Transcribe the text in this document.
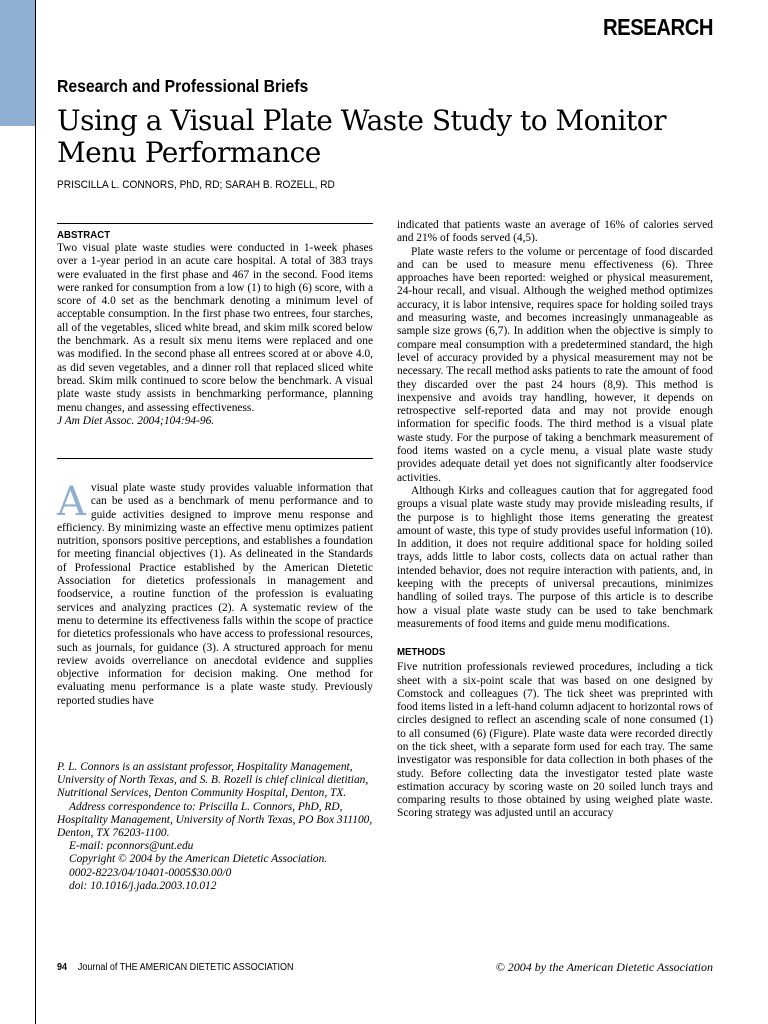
RESEARCH
Research and Professional Briefs
Using a Visual Plate Waste Study to Monitor Menu Performance
PRISCILLA L. CONNORS, PhD, RD; SARAH B. ROZELL, RD
ABSTRACT

Two visual plate waste studies were conducted in 1-week phases over a 1-year period in an acute care hospital. A total of 383 trays were evaluated in the first phase and 467 in the second. Food items were ranked for consumption from a low (1) to high (6) score, with a score of 4.0 set as the benchmark denoting a minimum level of acceptable consumption. In the first phase two entrees, four starches, all of the vegetables, sliced white bread, and skim milk scored below the benchmark. As a result six menu items were replaced and one was modified. In the second phase all entrees scored at or above 4.0, as did seven vegetables, and a dinner roll that replaced sliced white bread. Skim milk continued to score below the benchmark. A visual plate waste study assists in benchmarking performance, planning menu changes, and assessing effectiveness.

J Am Diet Assoc. 2004;104:94-96.

Avisual plate waste study provides valuable information that can be used as a benchmark of menu performance and to guide activities designed to improve menu response and efficiency. By minimizing waste an effective menu optimizes patient nutrition, sponsors positive perceptions, and establishes a foundation for meeting financial objectives (1). As delineated in the Standards of Professional Practice established by the American Dietetic Association for dietetics professionals in management and foodservice, a routine function of the profession is evaluating services and analyzing practices (2). A systematic review of the menu to determine its effectiveness falls within the scope of practice for dietetics professionals who have access to professional resources, such as journals, for guidance (3). A structured approach for menu review avoids overreliance on anecdotal evidence and supplies objective information for decision making. One method for evaluating menu performance is a plate waste study. Previously reported studies have

P. L. Connors is an assistant professor, Hospitality Management, University of North Texas, and S. B. Rozell is chief clinical dietitian, Nutritional Services, Denton Community Hospital, Denton, TX.

Address correspondence to: Priscilla L. Connors, PhD, RD, Hospitality Management, University of North Texas, PO Box 311100, Denton, TX 76203-1100.

E-mail: pconnors@unt.edu

Copyright © 2004 by the American Dietetic Association.

0002-8223/04/10401-0005$30.00/0

doi: 10.1016/j.jada.2003.10.012

indicated that patients waste an average of 16% of calories served and 21% of foods served (4,5).

Plate waste refers to the volume or percentage of food discarded and can be used to measure menu effectiveness (6). Three approaches have been reported: weighed or physical measurement, 24-hour recall, and visual. Although the weighed method optimizes accuracy, it is labor intensive, requires space for holding soiled trays and measuring waste, and becomes increasingly unmanageable as sample size grows (6,7). In addition when the objective is simply to compare meal consumption with a predetermined standard, the high level of accuracy provided by a physical measurement may not be necessary. The recall method asks patients to rate the amount of food they discarded over the past 24 hours (8,9). This method is inexpensive and avoids tray handling, however, it depends on retrospective self-reported data and may not provide enough information for specific foods. The third method is a visual plate waste study. For the purpose of taking a benchmark measurement of food items wasted on a cycle menu, a visual plate waste study provides adequate detail yet does not significantly alter foodservice activities.

Although Kirks and colleagues caution that for aggregated food groups a visual plate waste study may provide misleading results, if the purpose is to highlight those items generating the greatest amount of waste, this type of study provides useful information (10). In addition, it does not require additional space for holding soiled trays, adds little to labor costs, collects data on actual rather than intended behavior, does not require interaction with patients, and, in keeping with the precepts of universal precautions, minimizes handling of soiled trays. The purpose of this article is to describe how a visual plate waste study can be used to take benchmark measurements of food items and guide menu modifications.

METHODS

Five nutrition professionals reviewed procedures, including a tick sheet with a six-point scale that was based on one designed by Comstock and colleagues (7). The tick sheet was preprinted with food items listed in a left-hand column adjacent to horizontal rows of circles designed to reflect an ascending scale of none consumed (1) to all consumed (6) (Figure). Plate waste data were recorded directly on the tick sheet, with a separate form used for each tray. The same investigator was responsible for data collection in both phases of the study. Before collecting data the investigator tested plate waste estimation accuracy by scoring waste on 20 soiled lunch trays and comparing results to those obtained by using weighed plate waste. Scoring strategy was adjusted until an accuracy

94 Journal of THE AMERICAN DIETETIC ASSOCIATION	© 2004 by the American Dietetic Association
